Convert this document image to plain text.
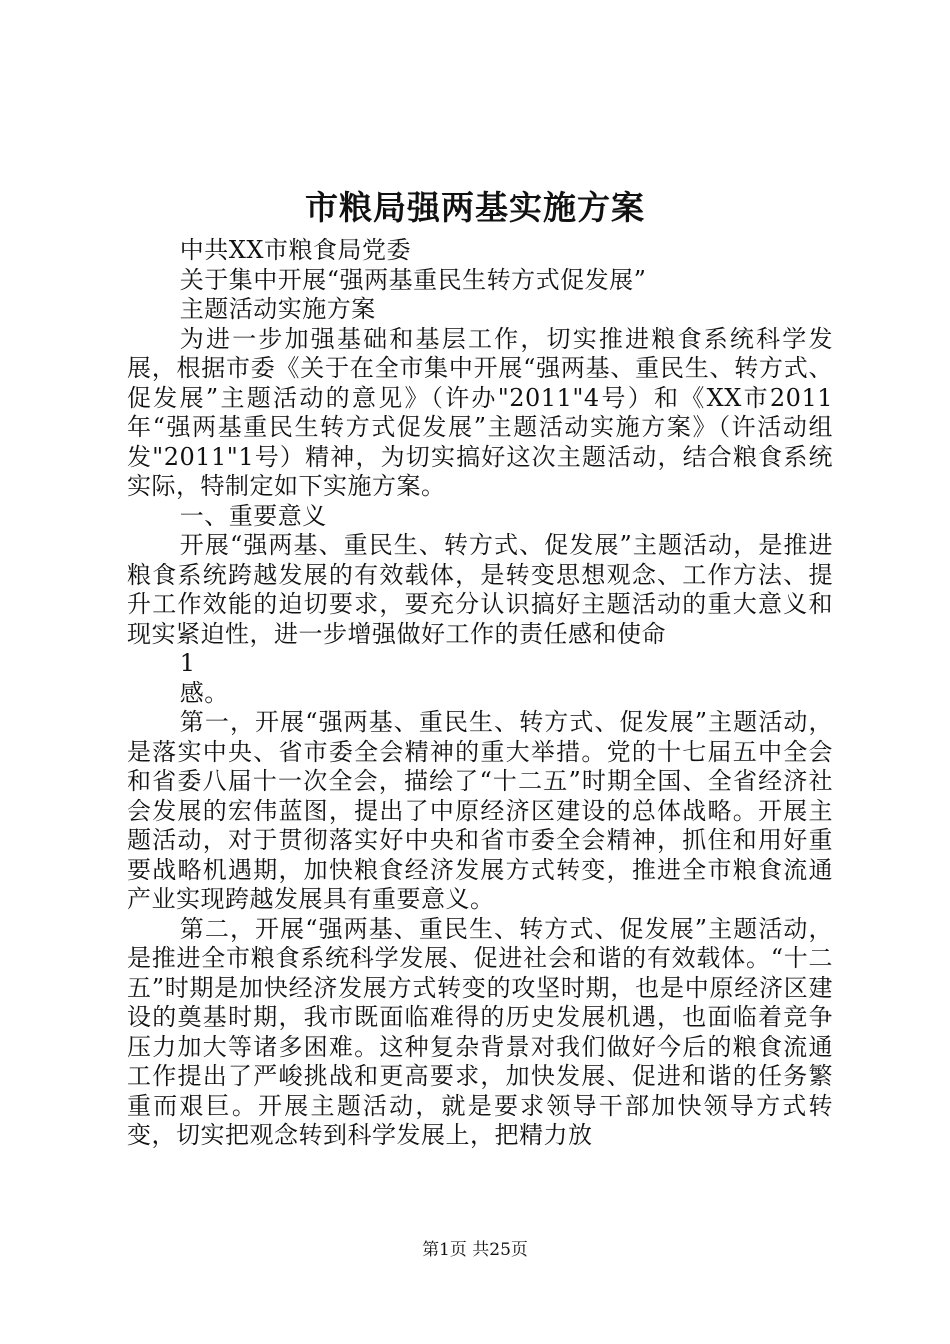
市粮局强两基实施方案

中共XX市粮食局党委

关于集中开展“强两基重民生转方式促发展”

主题活动实施方案

为进一步加强基础和基层工作，切实推进粮食系统科学发展，根据市委《关于在全市集中开展“强两基、重民生、转方式、促发展”主题活动的意见》（许办"2011"4号）和《XX市2011年“强两基重民生转方式促发展”主题活动实施方案》（许活动组发"2011"1号）精神，为切实搞好这次主题活动，结合粮食系统实际，特制定如下实施方案。

一、重要意义

开展“强两基、重民生、转方式、促发展”主题活动，是推进粮食系统跨越发展的有效载体，是转变思想观念、工作方法、提升工作效能的迫切要求，要充分认识搞好主题活动的重大意义和现实紧迫性，进一步增强做好工作的责任感和使命

1

感。

第一，开展“强两基、重民生、转方式、促发展”主题活动，是落实中央、省市委全会精神的重大举措。党的十七届五中全会和省委八届十一次全会，描绘了“十二五”时期全国、全省经济社会发展的宏伟蓝图，提出了中原经济区建设的总体战略。开展主题活动，对于贯彻落实好中央和省市委全会精神，抓住和用好重要战略机遇期，加快粮食经济发展方式转变，推进全市粮食流通产业实现跨越发展具有重要意义。

第二，开展“强两基、重民生、转方式、促发展”主题活动，是推进全市粮食系统科学发展、促进社会和谐的有效载体。“十二五”时期是加快经济发展方式转变的攻坚时期，也是中原经济区建设的奠基时期，我市既面临难得的历史发展机遇，也面临着竞争压力加大等诸多困难。这种复杂背景对我们做好今后的粮食流通工作提出了严峻挑战和更高要求，加快发展、促进和谐的任务繁重而艰巨。开展主题活动，就是要求领导干部加快领导方式转变，切实把观念转到科学发展上，把精力放

第1页 共25页
